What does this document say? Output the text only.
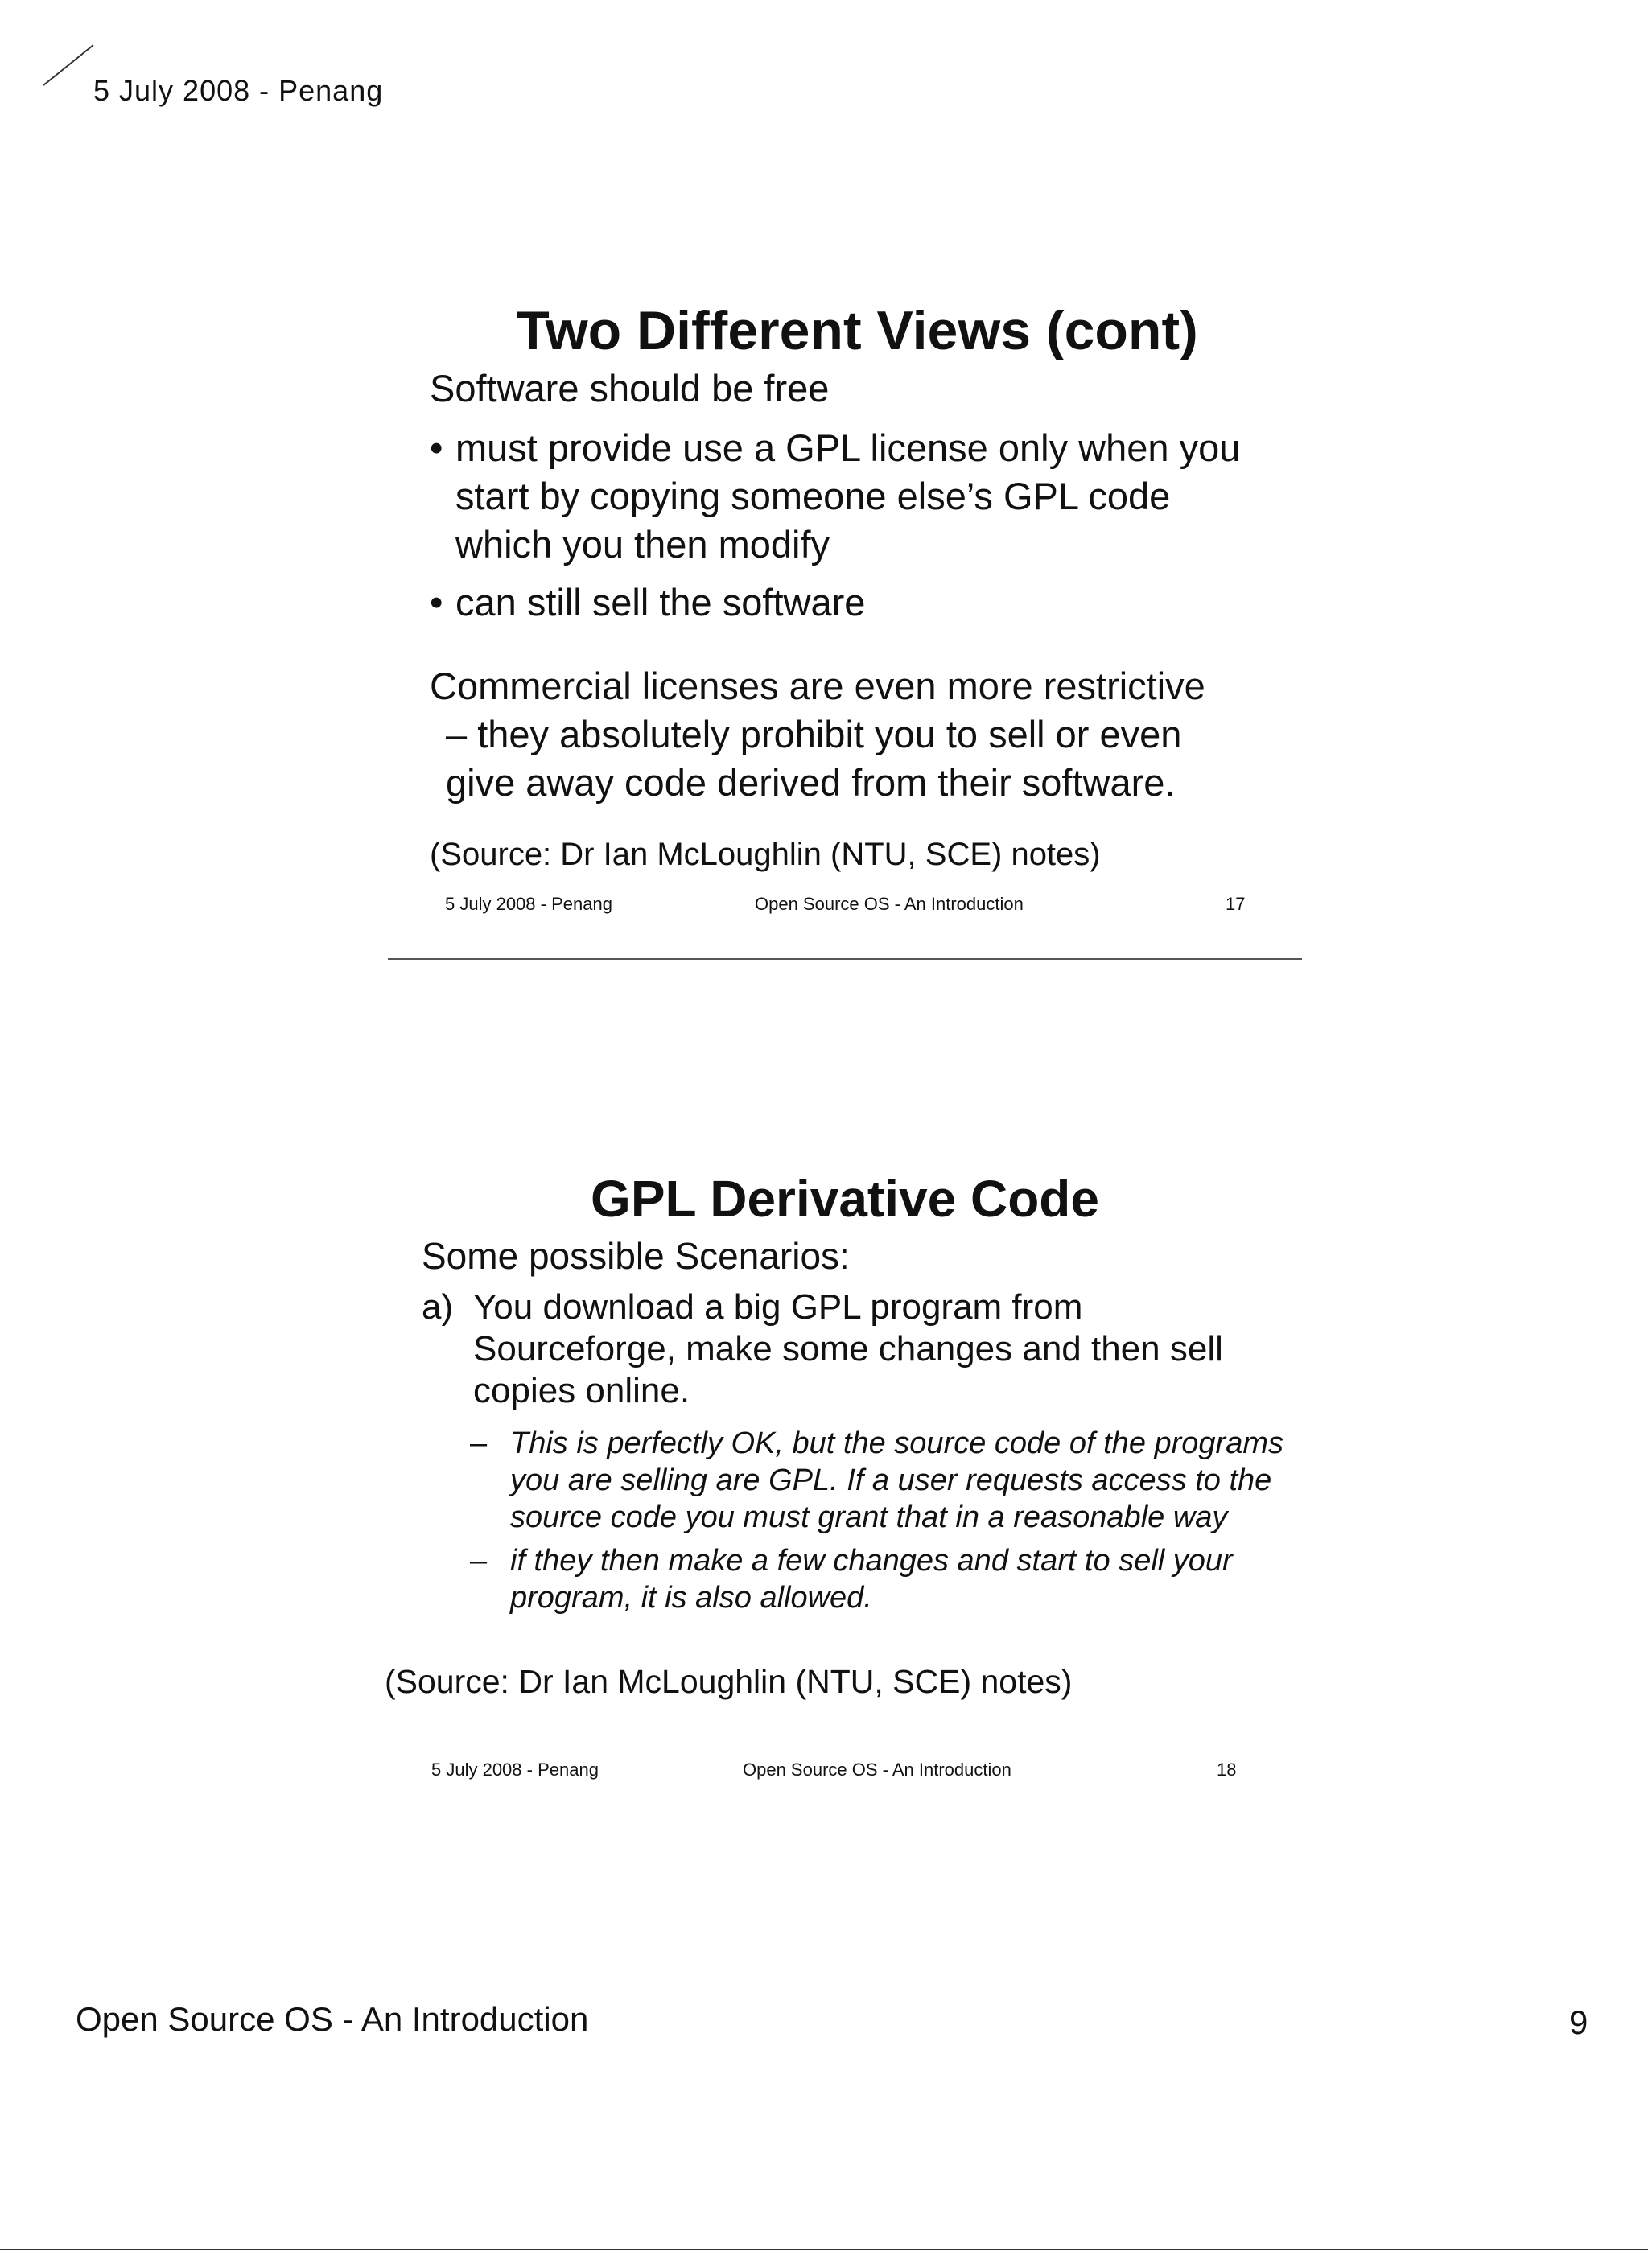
5 July 2008 - Penang
Two Different Views (cont)
Software should be free
• must provide use a GPL license only when you
start by copying someone else’s GPL code
which you then modify
• can still sell the software
Commercial licenses are even more restrictive
– they absolutely prohibit you to sell or even
give away code derived from their software.
(Source: Dr Ian McLoughlin (NTU, SCE) notes)
5 July 2008 - Penang	Open Source OS - An Introduction	17
GPL Derivative Code
Some possible Scenarios:
a) You download a big GPL program from
Sourceforge, make some changes and then sell
copies online.
– This is perfectly OK, but the source code of the programs
you are selling are GPL. If a user requests access to the
source code you must grant that in a reasonable way
– if they then make a few changes and start to sell your
program, it is also allowed.
(Source: Dr Ian McLoughlin (NTU, SCE) notes)
5 July 2008 - Penang	Open Source OS - An Introduction	18
Open Source OS - An Introduction	9
